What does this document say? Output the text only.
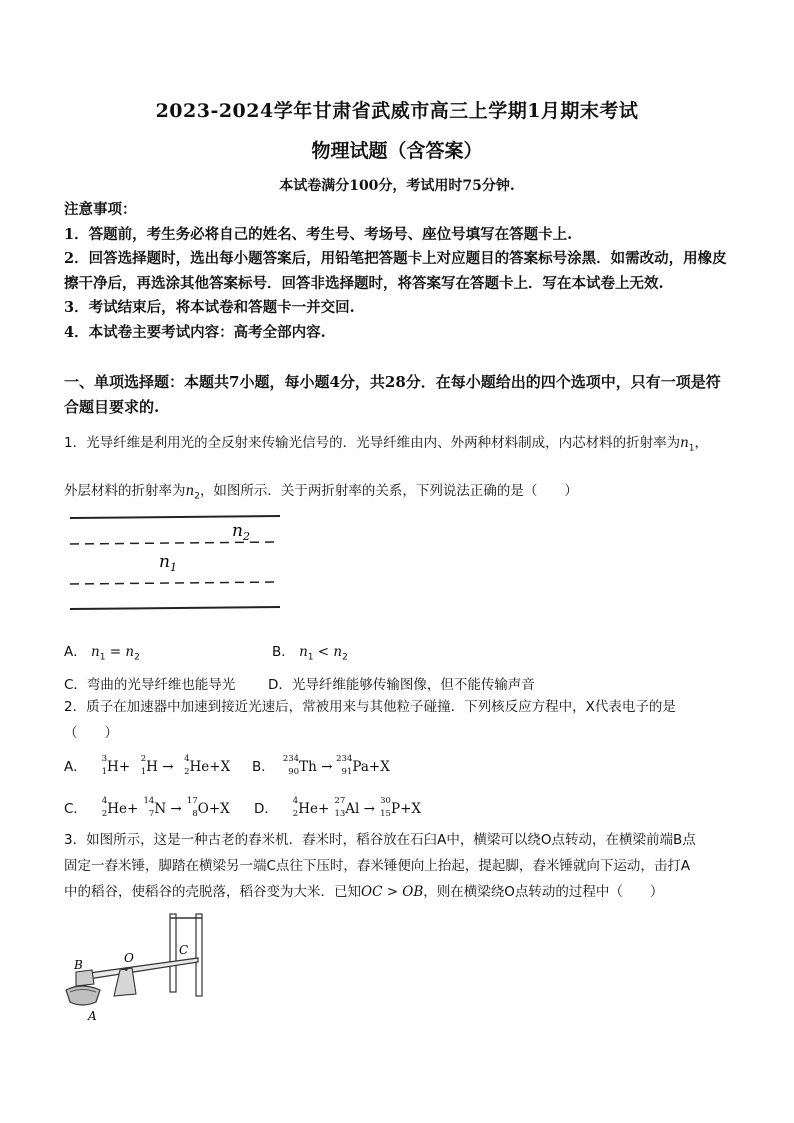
2023-2024学年甘肃省武威市高三上学期1月期末考试
物理试题（含答案）
本试卷满分100分，考试用时75分钟.

注意事项：

1．答题前，考生务必将自己的姓名、考生号、考场号、座位号填写在答题卡上.

2．回答选择题时，选出每小题答案后，用铅笔把答题卡上对应题目的答案标号涂黑．如需改动，用橡皮擦干净后，再选涂其他答案标号．回答非选择题时，将答案写在答题卡上．写在本试卷上无效.

3．考试结束后，将本试卷和答题卡一并交回.

4．本试卷主要考试内容：高考全部内容.

一、单项选择题：本题共7小题，每小题4分，共28分．在每小题给出的四个选项中，只有一项是符合题目要求的.

1．光导纤维是利用光的全反射来传输光信号的．光导纤维由内、外两种材料制成，内芯材料的折射率为$n_1$，

外层材料的折射率为$n_2$，如图所示．关于两折射率的关系，下列说法正确的是（　　）

$n_2$
$n_1$
A． $n_1 = n_2$	B． $n_1 < n_2$
C．弯曲的光导纤维也能导光 D．光导纤维能够传输图像，但不能传输声音

2．质子在加速器中加速到接近光速后，常被用来与其他粒子碰撞．下列核反应方程中，X代表电子的是

（　　）

A．
3
1 H+
2
1 H →
4
2 He+X B．
234
90 Th →
234
91 Pa+X
C．
4
2 He+
14
7 N →
17
8 O+X D．
4
2 He+
27
13 Al →
30
15 P+X

3．如图所示，这是一种古老的舂米机．舂米时，稻谷放在石臼A中，横梁可以绕O点转动，在横梁前端B点

固定一舂米锤，脚踏在横梁另一端C点往下压时，舂米锤便向上抬起，提起脚，舂米锤就向下运动，击打A

中的稻谷，使稻谷的壳脱落，稻谷变为大米．已知OC > OB，则在横梁绕O点转动的过程中（　　）

B	O
C
A
